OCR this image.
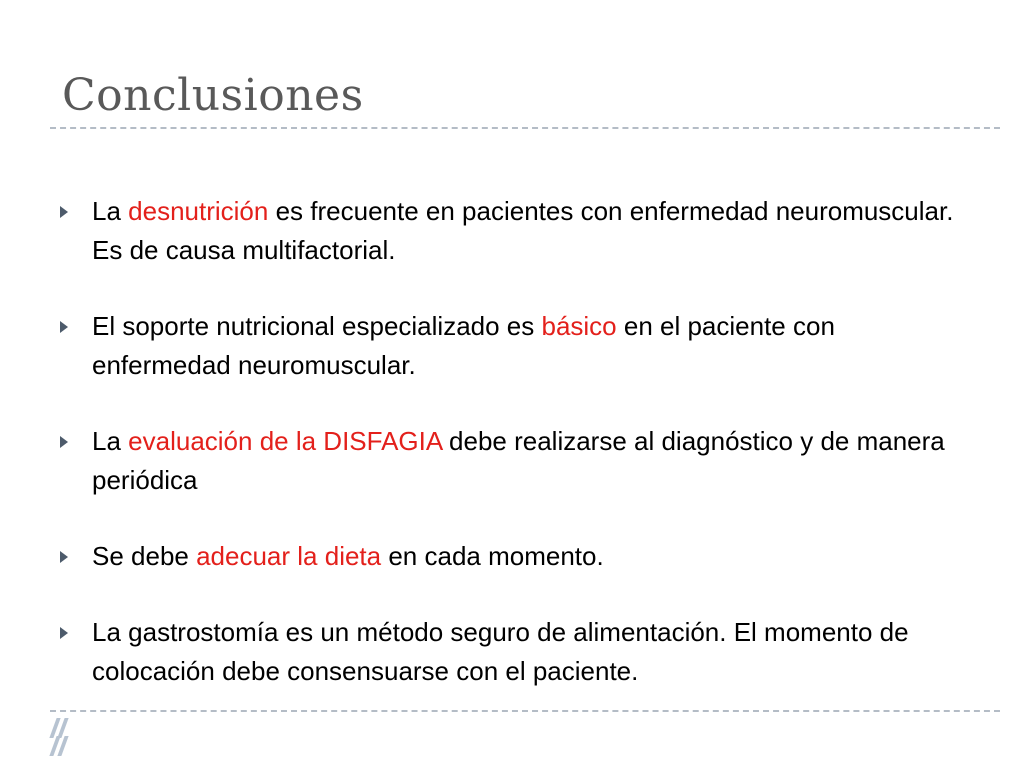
Conclusiones
La desnutrición es frecuente en pacientes con enfermedad neuromuscular. Es de causa multifactorial.
El soporte nutricional especializado es básico en el paciente con enfermedad neuromuscular.
La evaluación de la DISFAGIA debe realizarse al diagnóstico y de manera periódica
Se debe adecuar la dieta en cada momento.
La gastrostomía es un método seguro de alimentación. El momento de colocación debe consensuarse con el paciente.
